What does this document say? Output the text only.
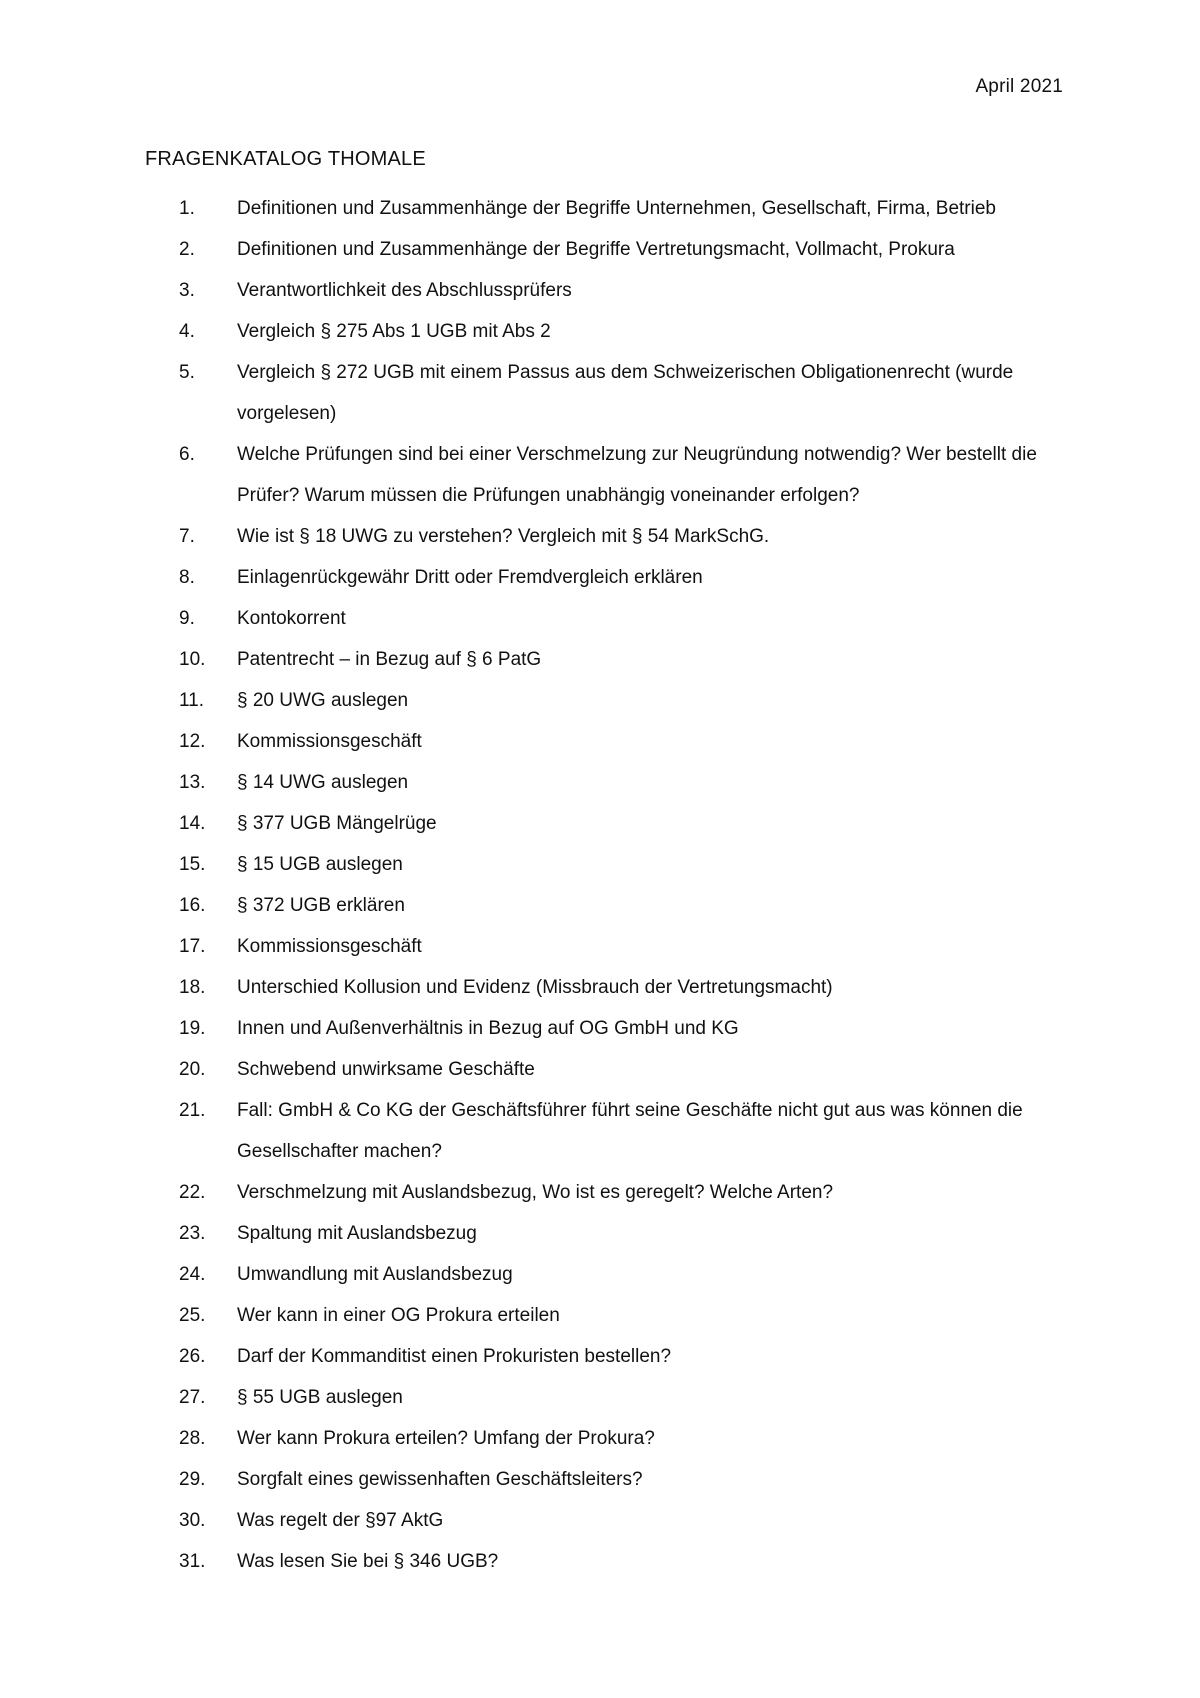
April 2021
FRAGENKATALOG THOMALE
1.	Definitionen und Zusammenhänge der Begriffe Unternehmen, Gesellschaft, Firma, Betrieb
2.	Definitionen und Zusammenhänge der Begriffe Vertretungsmacht, Vollmacht, Prokura
3.	Verantwortlichkeit des Abschlussprüfers
4.	Vergleich § 275 Abs 1 UGB mit Abs 2
5.	Vergleich § 272 UGB mit einem Passus aus dem Schweizerischen Obligationenrecht (wurde vorgelesen)
6.	Welche Prüfungen sind bei einer Verschmelzung zur Neugründung notwendig? Wer bestellt die Prüfer? Warum müssen die Prüfungen unabhängig voneinander erfolgen?
7.	Wie ist § 18 UWG zu verstehen? Vergleich mit § 54 MarkSchG.
8.	Einlagenrückgewähr Dritt oder Fremdvergleich erklären
9.	Kontokorrent
10.	Patentrecht – in Bezug auf § 6 PatG
11.	§ 20 UWG auslegen
12.	Kommissionsgeschäft
13.	§ 14 UWG auslegen
14.	§ 377 UGB Mängelrüge
15.	§ 15 UGB auslegen
16.	§ 372 UGB erklären
17.	Kommissionsgeschäft
18.	Unterschied Kollusion und Evidenz (Missbrauch der Vertretungsmacht)
19.	Innen und Außenverhältnis in Bezug auf OG GmbH und KG
20.	Schwebend unwirksame Geschäfte
21.	Fall: GmbH & Co KG der Geschäftsführer führt seine Geschäfte nicht gut aus was können die Gesellschafter machen?
22.	Verschmelzung mit Auslandsbezug, Wo ist es geregelt? Welche Arten?
23.	Spaltung mit Auslandsbezug
24.	Umwandlung mit Auslandsbezug
25.	Wer kann in einer OG Prokura erteilen
26.	Darf der Kommanditist einen Prokuristen bestellen?
27.	§ 55 UGB auslegen
28.	Wer kann Prokura erteilen? Umfang der Prokura?
29.	Sorgfalt eines gewissenhaften Geschäftsleiters?
30.	Was regelt der §97 AktG
31.	Was lesen Sie bei § 346 UGB?
